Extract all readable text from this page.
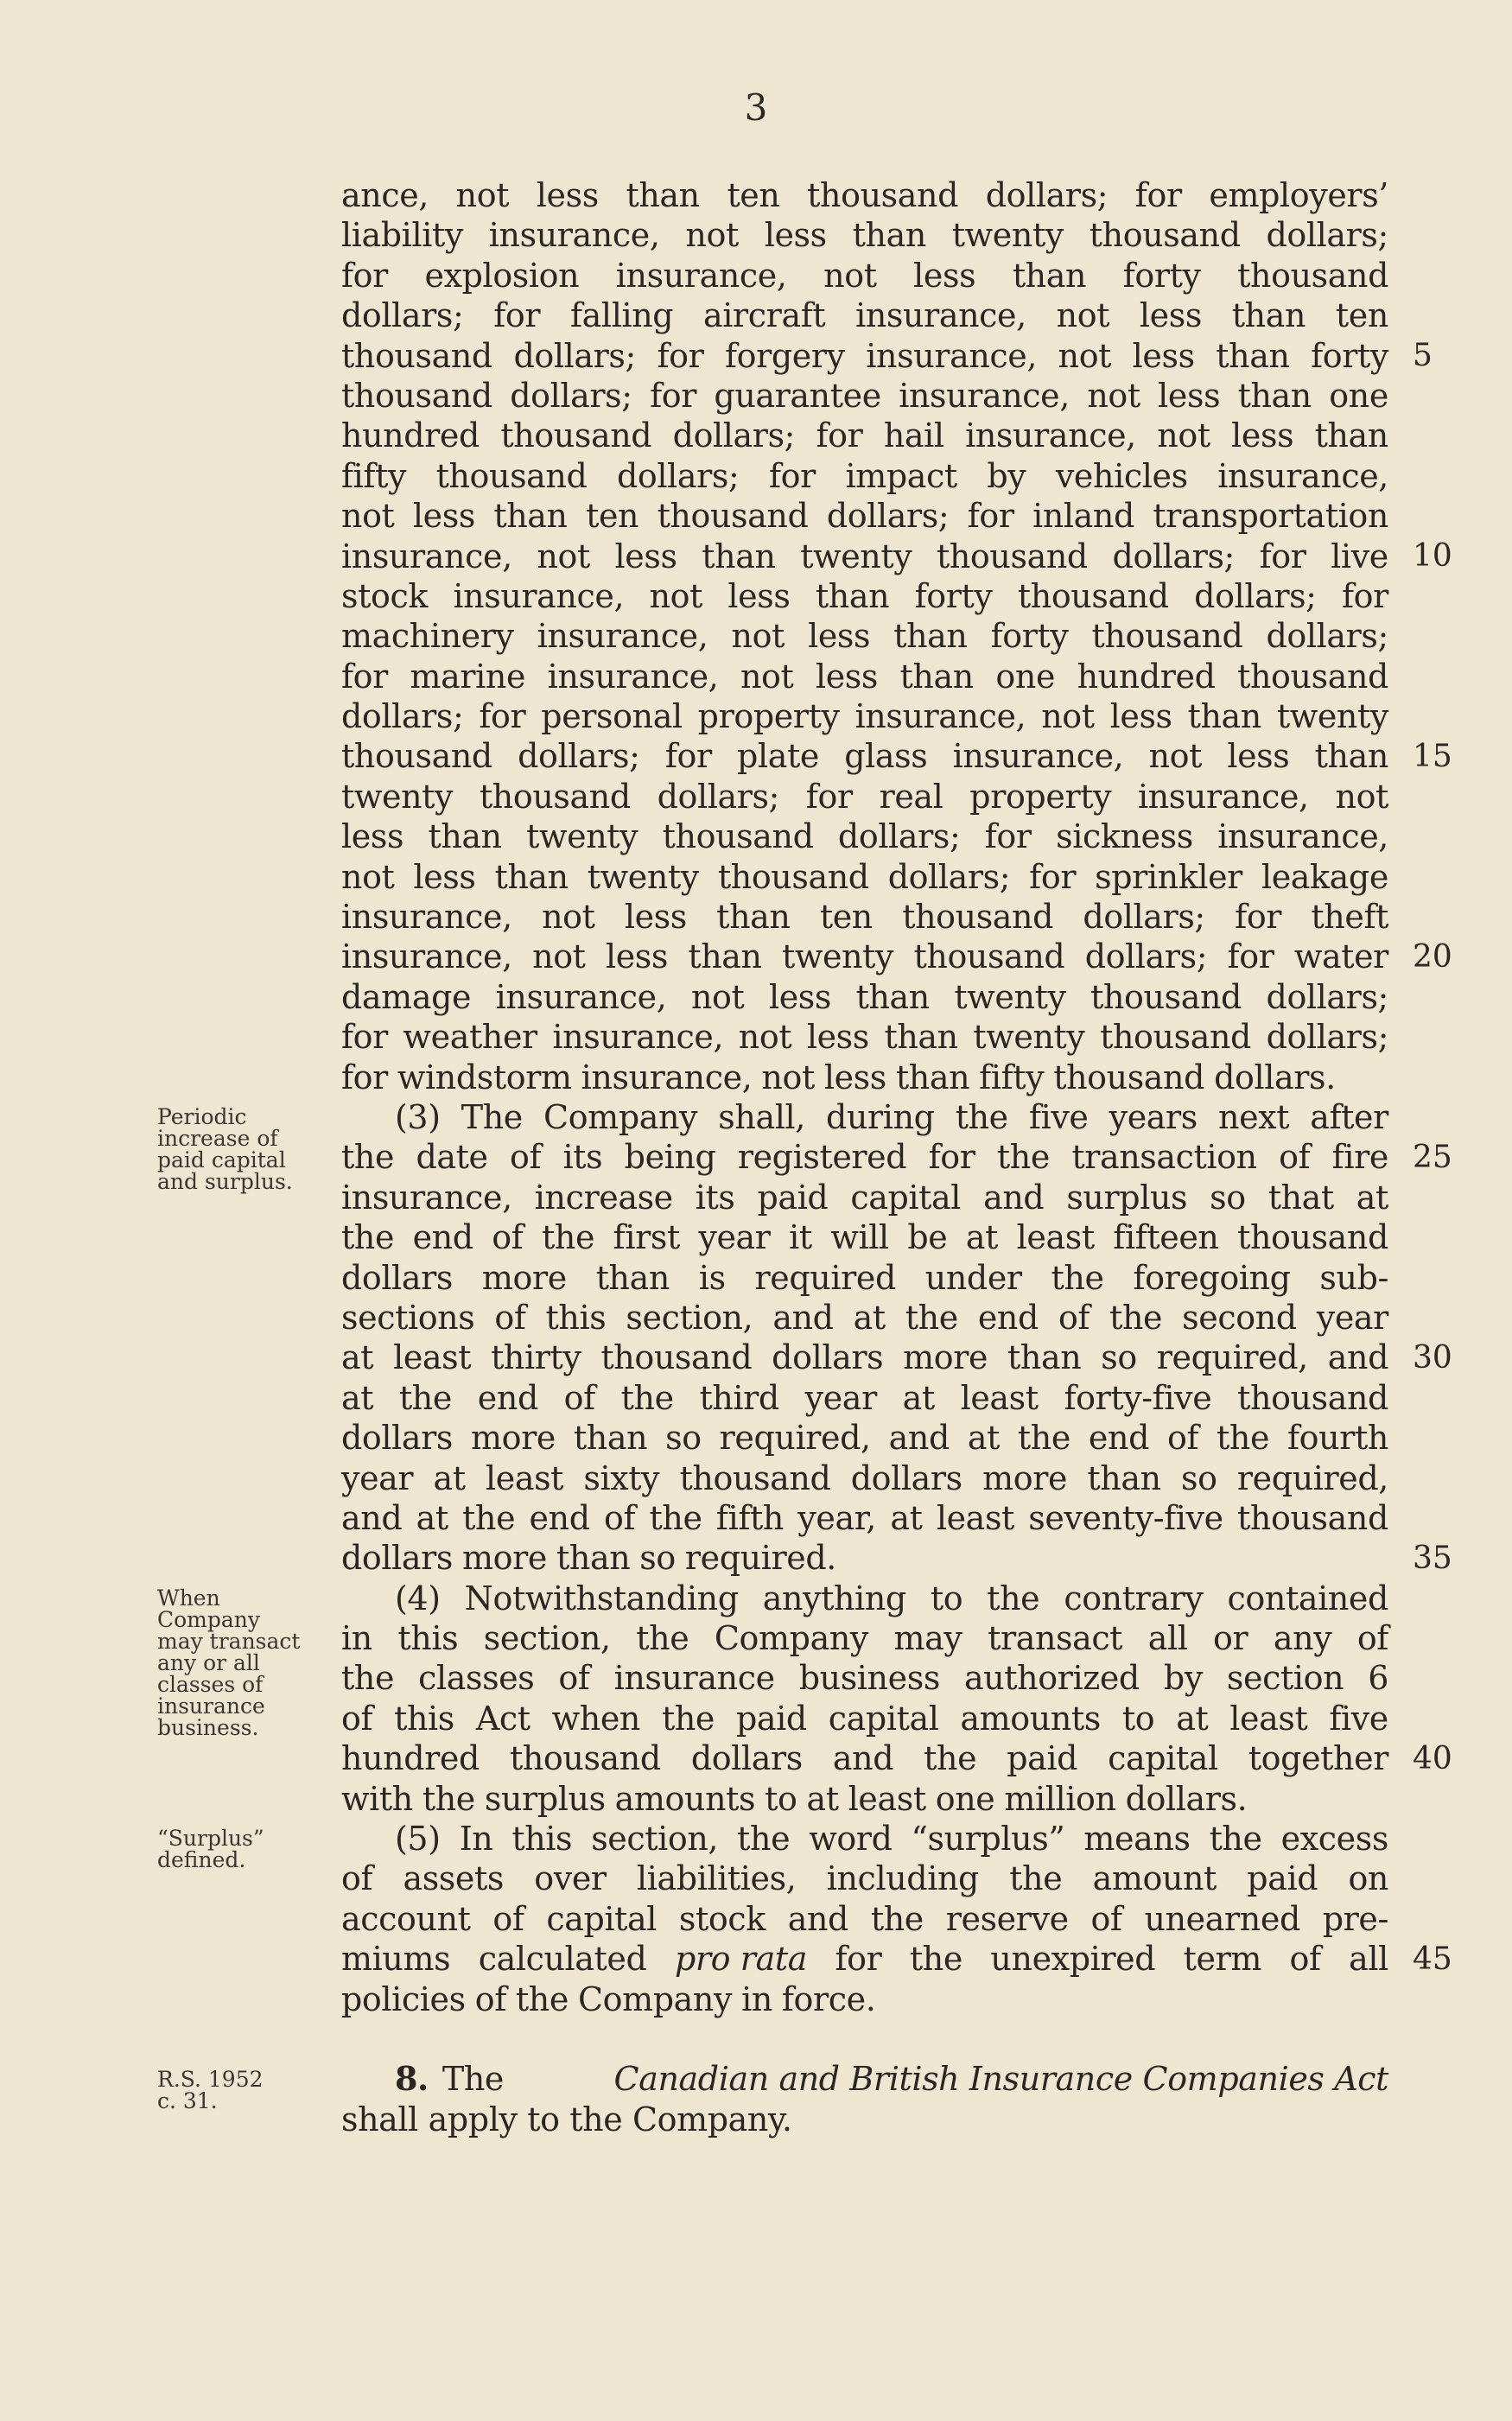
3
ance, not less than ten thousand dollars; for employers’
liability insurance, not less than twenty thousand dollars;
for explosion insurance, not less than forty thousand
dollars; for falling aircraft insurance, not less than ten
thousand dollars; for forgery insurance, not less than forty
thousand dollars; for guarantee insurance, not less than one
hundred thousand dollars; for hail insurance, not less than
fifty thousand dollars; for impact by vehicles insurance,
not less than ten thousand dollars; for inland transportation
insurance, not less than twenty thousand dollars; for live
stock insurance, not less than forty thousand dollars; for
machinery insurance, not less than forty thousand dollars;
for marine insurance, not less than one hundred thousand
dollars; for personal property insurance, not less than twenty
thousand dollars; for plate glass insurance, not less than
twenty thousand dollars; for real property insurance, not
less than twenty thousand dollars; for sickness insurance,
not less than twenty thousand dollars; for sprinkler leakage
insurance, not less than ten thousand dollars; for theft
insurance, not less than twenty thousand dollars; for water
damage insurance, not less than twenty thousand dollars;
for weather insurance, not less than twenty thousand dollars;
for windstorm insurance, not less than fifty thousand dollars.
(3) The Company shall, during the five years next after
the date of its being registered for the transaction of fire
insurance, increase its paid capital and surplus so that at
the end of the first year it will be at least fifteen thousand
dollars more than is required under the foregoing sub-
sections of this section, and at the end of the second year
at least thirty thousand dollars more than so required, and
at the end of the third year at least forty-five thousand
dollars more than so required, and at the end of the fourth
year at least sixty thousand dollars more than so required,
and at the end of the fifth year, at least seventy-five thousand
dollars more than so required.
(4) Notwithstanding anything to the contrary contained
in this section, the Company may transact all or any of
the classes of insurance business authorized by section 6
of this Act when the paid capital amounts to at least five
hundred thousand dollars and the paid capital together
with the surplus amounts to at least one million dollars.
(5) In this section, the word “surplus” means the excess
of assets over liabilities, including the amount paid on
account of capital stock and the reserve of unearned pre-
miums calculated pro rata for the unexpired term of all
policies of the Company in force.
8. The	Canadian and British Insurance Companies Act
shall apply to the Company.
5
10
15
20
25
30
35
40
45
Periodic
increase of
paid capital
and surplus.
When
Company
may transact
any or all
classes of
insurance
business.
“Surplus”
defined.
R.S. 1952
c. 31.
